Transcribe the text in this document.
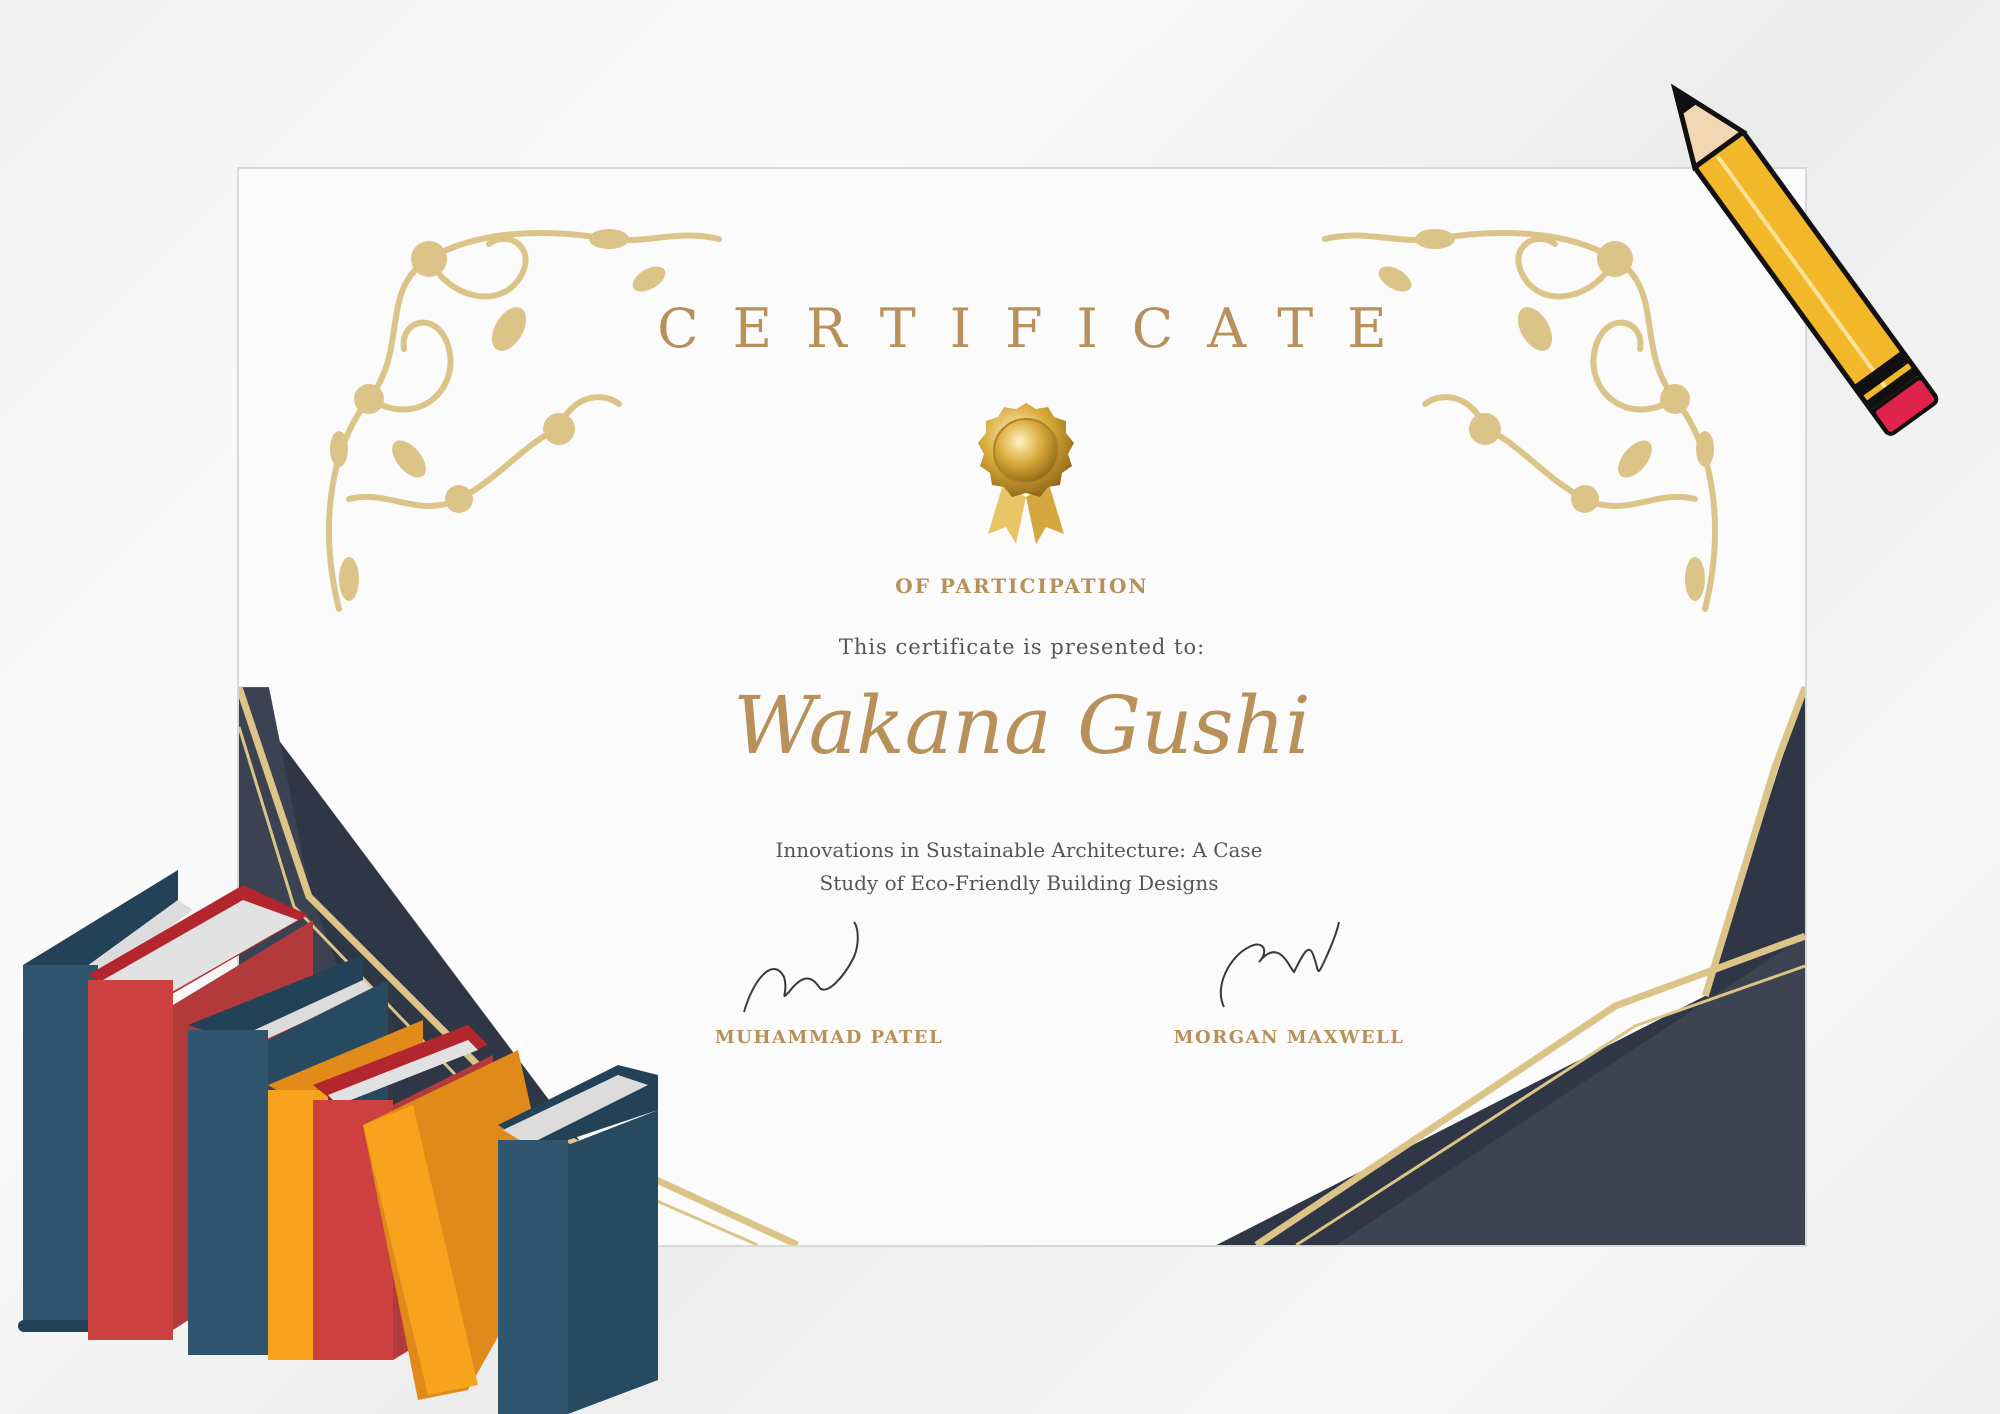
CERTIFICATE
OF PARTICIPATION
This certificate is presented to:
Wakana Gushi
Innovations in Sustainable Architecture: A Case
Study of Eco-Friendly Building Designs
MUHAMMAD PATEL	MORGAN MAXWELL
